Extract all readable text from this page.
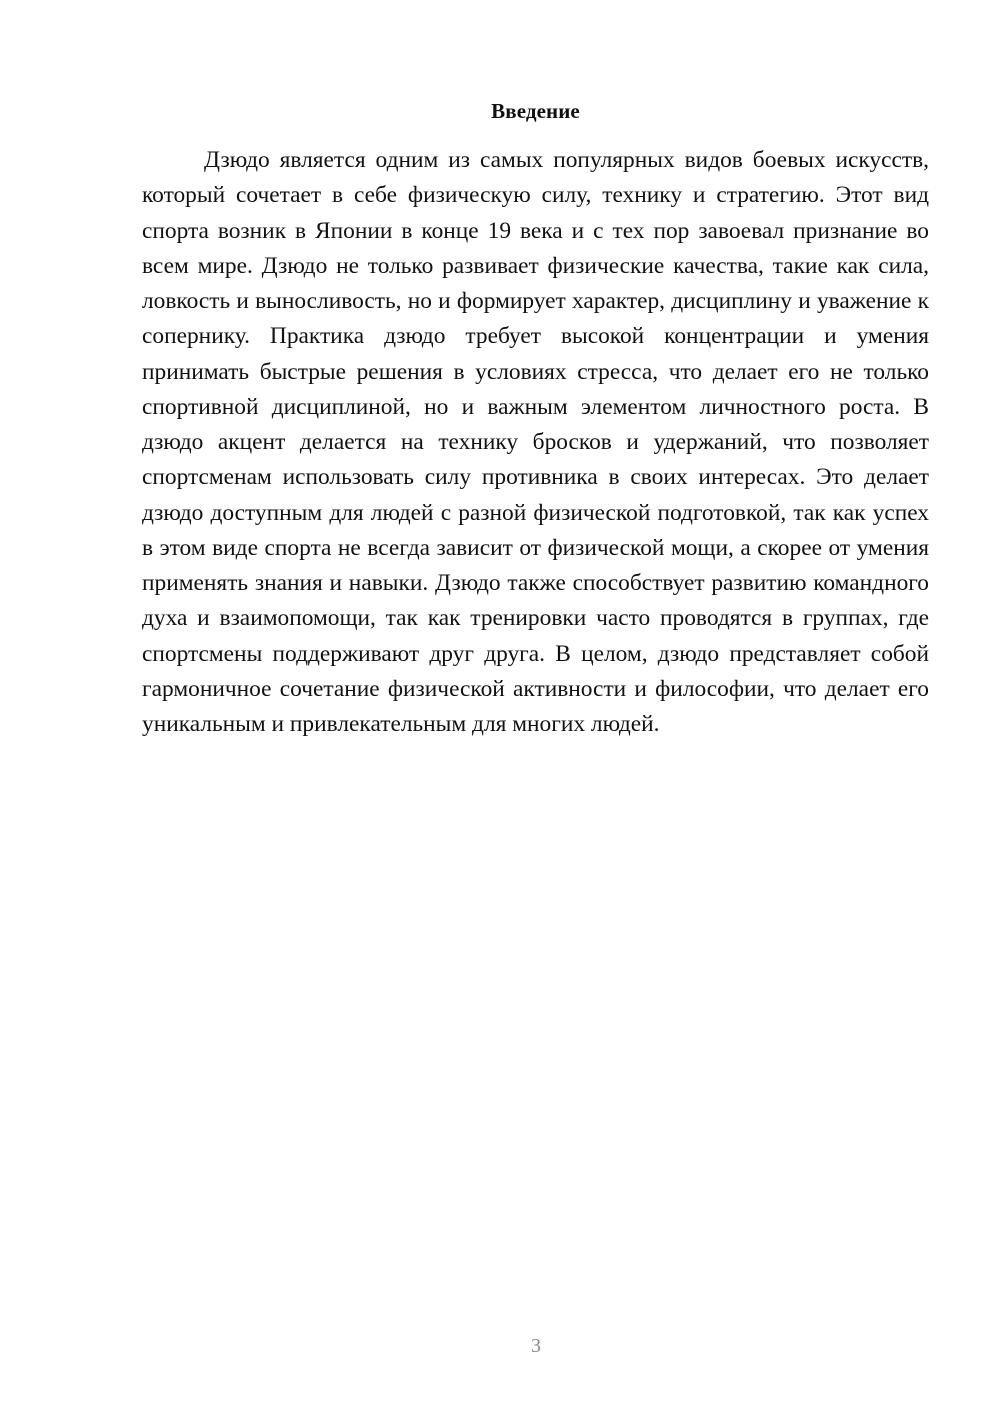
Введение

Дзюдо является одним из самых популярных видов боевых искусств, который сочетает в себе физическую силу, технику и стратегию. Этот вид спорта возник в Японии в конце 19 века и с тех пор завоевал признание во всем мире. Дзюдо не только развивает физические качества, такие как сила, ловкость и выносливость, но и формирует характер, дисциплину и уважение к сопернику. Практика дзюдо требует высокой концентрации и умения принимать быстрые решения в условиях стресса, что делает его не только спортивной дисциплиной, но и важным элементом личностного роста. В дзюдо акцент делается на технику бросков и удержаний, что позволяет спортсменам использовать силу противника в своих интересах. Это делает дзюдо доступным для людей с разной физической подготовкой, так как успех в этом виде спорта не всегда зависит от физической мощи, а скорее от умения применять знания и навыки. Дзюдо также способствует развитию командного духа и взаимопомощи, так как тренировки часто проводятся в группах, где спортсмены поддерживают друг друга. В целом, дзюдо представляет собой гармоничное сочетание физической активности и философии, что делает его уникальным и привлекательным для многих людей.

3
